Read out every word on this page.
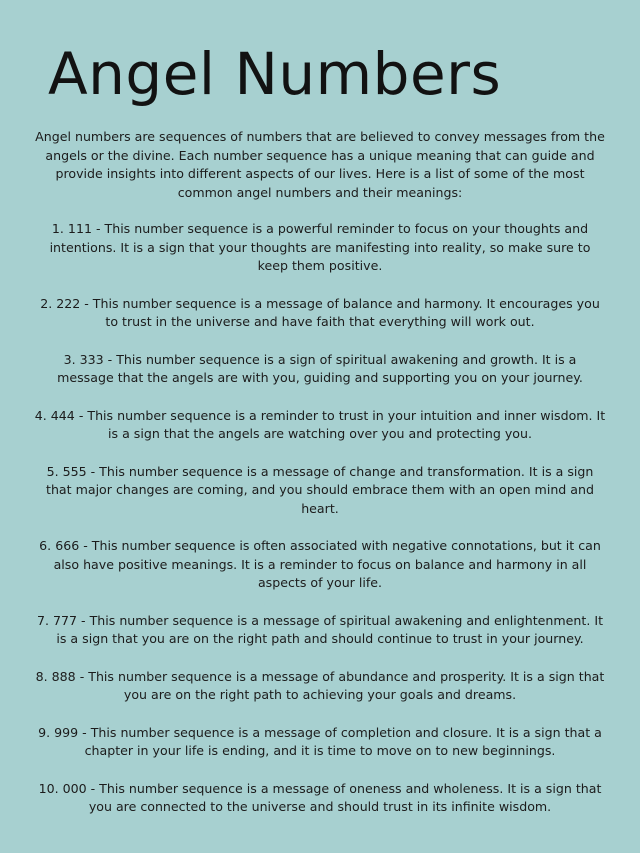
Angel Numbers

Angel numbers are sequences of numbers that are believed to convey messages from the angels or the divine. Each number sequence has a unique meaning that can guide and provide insights into different aspects of our lives. Here is a list of some of the most common angel numbers and their meanings:

1. 111 - This number sequence is a powerful reminder to focus on your thoughts and intentions. It is a sign that your thoughts are manifesting into reality, so make sure to keep them positive.

2. 222 - This number sequence is a message of balance and harmony. It encourages you to trust in the universe and have faith that everything will work out.

3. 333 - This number sequence is a sign of spiritual awakening and growth. It is a message that the angels are with you, guiding and supporting you on your journey.

4. 444 - This number sequence is a reminder to trust in your intuition and inner wisdom. It is a sign that the angels are watching over you and protecting you.

5. 555 - This number sequence is a message of change and transformation. It is a sign that major changes are coming, and you should embrace them with an open mind and heart.

6. 666 - This number sequence is often associated with negative connotations, but it can also have positive meanings. It is a reminder to focus on balance and harmony in all aspects of your life.

7. 777 - This number sequence is a message of spiritual awakening and enlightenment. It is a sign that you are on the right path and should continue to trust in your journey.

8. 888 - This number sequence is a message of abundance and prosperity. It is a sign that you are on the right path to achieving your goals and dreams.

9. 999 - This number sequence is a message of completion and closure. It is a sign that a chapter in your life is ending, and it is time to move on to new beginnings.

10. 000 - This number sequence is a message of oneness and wholeness. It is a sign that you are connected to the universe and should trust in its infinite wisdom.
